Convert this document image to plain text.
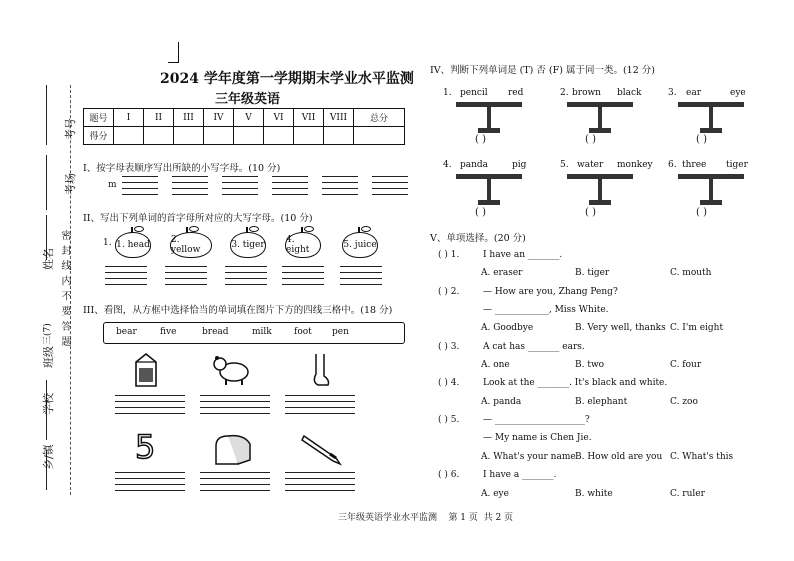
考号
考场
姓名
三(7)
班级
密 封 线 内 不 要 答 题
学校
乡/镇
2024 学年度第一学期期末学业水平监测
三年级英语
题号	I	II	III	IV	V	VI	VII	VIII	总分
得分									
I、按字母表顺序写出所缺的小写字母。(10 分)
m
II、写出下列单词的首字母所对应的大写字母。(10 分)
1. 1. head 2. yellow	3. tiger 4. eight	5. juice
III、看图，从方框中选择恰当的单词填在图片下方的四线三格中。(18 分)
bear	five	bread	milk foot pen
5
IV、判断下列单词是 (T) 否 (F) 属于同一类。(12 分)
1. pencil red	2. brown black	3. ear	eye
( )	( )	( )
4. panda	pig	5. water monkey 6. three tiger
( )	( )	( )
V、单项选择。(20 分)
( ) 1.	I have an _______.
A. eraser	B. tiger	C. mouth
( ) 2.	— How are you, Zhang Peng?
— ____________, Miss White.
A. Goodbye	B. Very well, thanks C. I'm eight
( ) 3.	A cat has _______ ears.
A. one	B. two	C. four
( ) 4.	Look at the _______. It's black and white.
A. panda	B. elephant	C. zoo
( ) 5.	— ____________________?
— My name is Chen Jie.
A. What's your name B. How old are you C. What's this
( ) 6.	I have a _______.
A. eye	B. white	C. ruler
三年级英语学业水平监测    第 1 页  共 2 页
